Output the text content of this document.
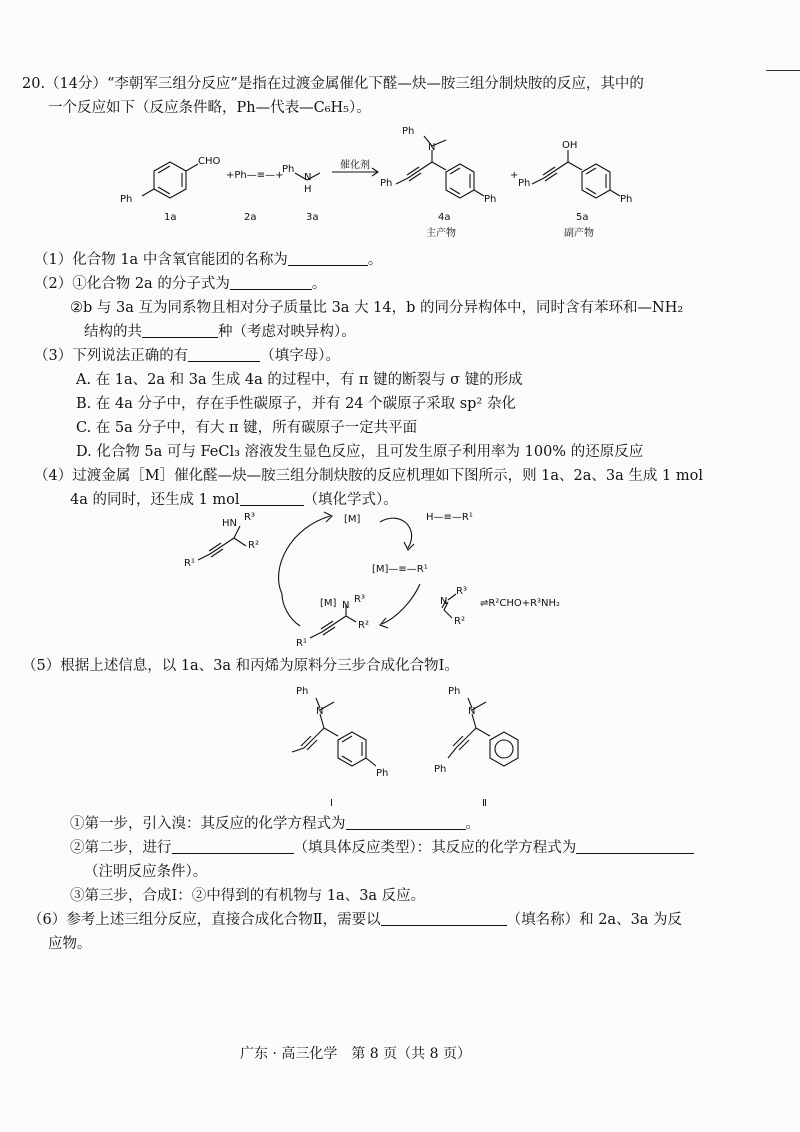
20.（14分）“李朝军三组分反应”是指在过渡金属催化下醛—炔—胺三组分制炔胺的反应，其中的
一个反应如下（反应条件略，Ph—代表—C₆H₅）。
CHO
Ph
+Ph—≡—+
Ph
N
H
催化剂
Ph
N
Ph
Ph
+
OH
Ph
Ph
1a	2a	3a	4a	5a
主产物	副产物
（1）化合物 1a 中含氧官能团的名称为	。
（2）①化合物 2a 的分子式为	。
②b 与 3a 互为同系物且相对分子质量比 3a 大 14，b 的同分异构体中，同时含有苯环和—NH₂
结构的共	种（考虑对映异构）。
（3）下列说法正确的有	（填字母）。
A. 在 1a、2a 和 3a 生成 4a 的过程中，有 π 键的断裂与 σ 键的形成
B. 在 4a 分子中，存在手性碳原子，并有 24 个碳原子采取 sp² 杂化
C. 在 5a 分子中，有大 π 键，所有碳原子一定共平面
D. 化合物 5a 可与 FeCl₃ 溶液发生显色反应，且可发生原子利用率为 100% 的还原反应
（4）过渡金属［M］催化醛—炔—胺三组分制炔胺的反应机理如下图所示，则 1a、2a、3a 生成 1 mol
4a 的同时，还生成 1 mol	（填化学式）。
HN
R³
R²
R¹
[M]	H—≡—R¹
[M]—≡—R¹
[M] N
R³
R²
R¹
N
R³
R²
⇌R²CHO+R³NH₂
（5）根据上述信息，以 1a、3a 和丙烯为原料分三步合成化合物Ⅰ。
Ph
N
Ph
Ⅰ
Ph
N
Ph
Ⅱ
①第一步，引入溴：其反应的化学方程式为	。
②第二步，进行	（填具体反应类型）：其反应的化学方程式为
（注明反应条件）。
③第三步，合成Ⅰ：②中得到的有机物与 1a、3a 反应。
（6）参考上述三组分反应，直接合成化合物Ⅱ，需要以	（填名称）和 2a、3a 为反
应物。
广东 · 高三化学　第 8 页（共 8 页）
